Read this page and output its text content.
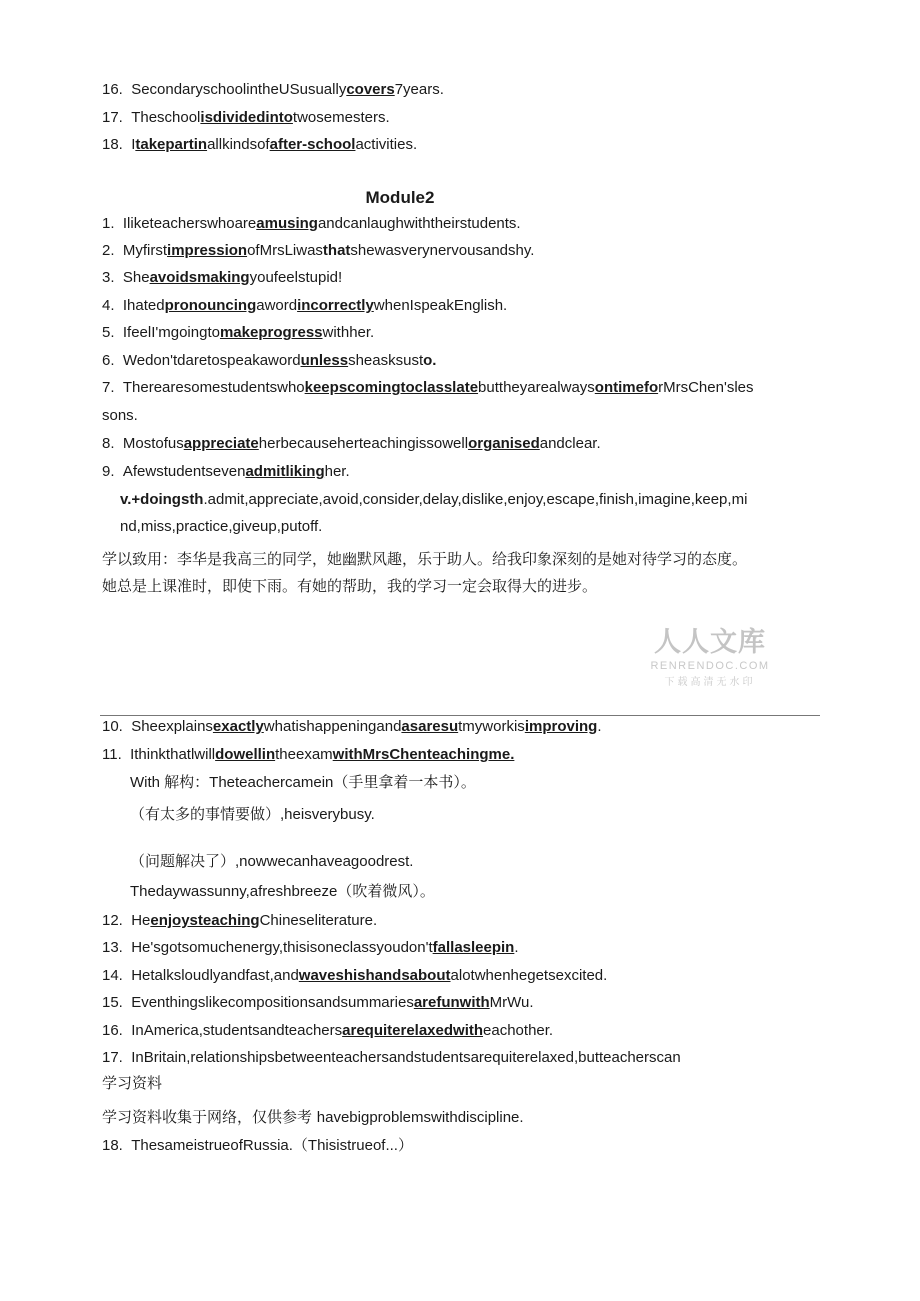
16.  SecondaryschoolintheUSusuallycovers7years.
17.  Theschoolisdividedintotwosemesters.
18.  Itakepartinallkindsofafter-schoolactivities.
Module2
1.  Iliketeacherswhoareamusingandcanlaughwiththeirstudents.
2.  MyfirstimpressionofMrsLiwasthatshewasverynervousandshy.
3.  Sheavoidsmakingyoufeelstupid!
4.  IhatedpronouncingawordincorrectlywhenIspeakEnglish.
5.  IfeelI'mgoingtomakeprogresswithher.
6.  Wedon'tdaretospeakawordunlesssheasksusto.
7.  TherearesomestudentswhokeepscomingtoclasslatebuttheyarealwaysontimeforMrsChen'sles
8.  Mostofusappreciateherbecauseherteachingissowellorganisedandclear.
9.  Afewstudentsevenadmitlikingher.
sons.
v.+doingsth.admit,appreciate,avoid,consider,delay,dislike,enjoy,escape,finish,imagine,keep,mi
nd,miss,practice,giveup,putoff.
学以致用：李华是我高三的同学，她幽默风趣，乐于助人。给我印象深刻的是她对待学习的态度。
她总是上课准时，即使下雨。有她的帮助，我的学习一定会取得大的进步。
人人文库
RENRENDOC.COM
下载高清无水印
10.  Sheexplainsexactlywhatishappeningandasaresutmyworkisimproving.
11.  IthinkthatlwilldowellintheexamwithMrsChenteachingme.
With 解构：Theteachercamein（手里拿着一本书）。
（有太多的事情要做）,heisverybusy.
（问题解决了）,nowwecanhaveagoodrest.
Thedaywassunny,afreshbreeze（吹着微风）。
12.  HeenjoysteachingChineseliterature.
13.  He'sgotsomuchenergy,thisisoneclassyoudon'tfallasleepin.
14.  Hetalksloudlyandfast,andwaveshishandsaboutalotwhenhegetsexcited.
15.  EventhingslikecompositionsandsummariesarefunwithMrWu.
16.  InAmerica,studentsandteachersarequiterelaxedwitheachother.
17.  InBritain,relationshipsbetweenteachersandstudentsarequiterelaxed,butteacherscan
学习资料
学习资料收集于网络，仅供参考 havebigproblemswithdiscipline.
18.  ThesameistrueofRussia.（Thisistrueof...）
